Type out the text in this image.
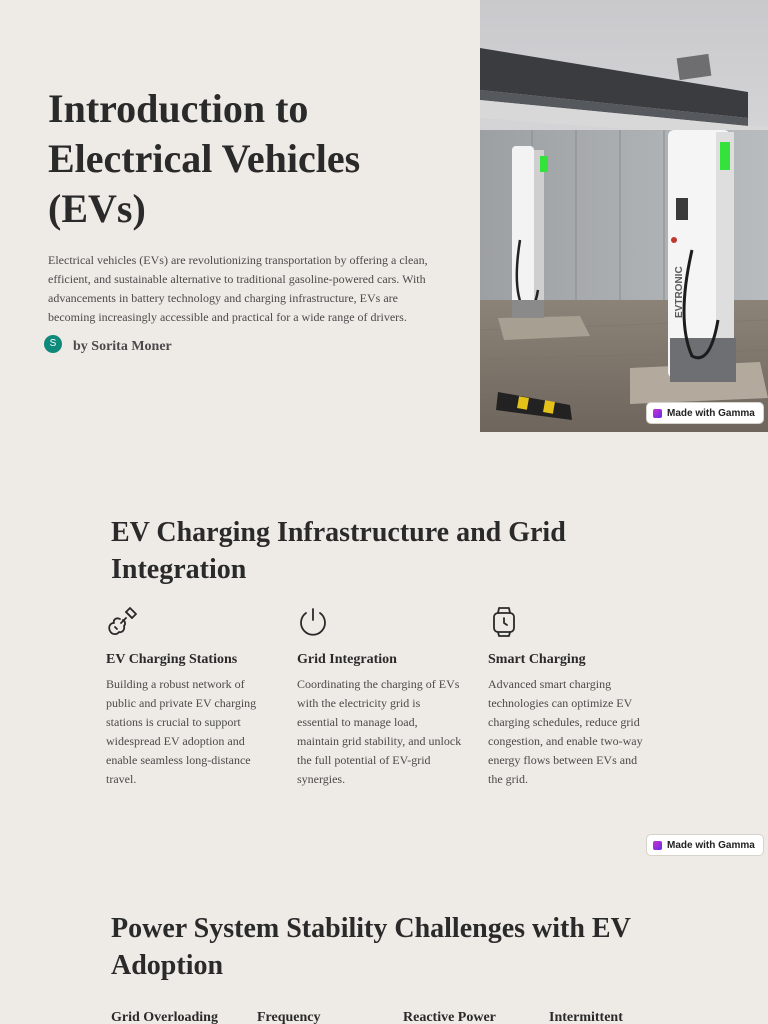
Introduction to Electrical Vehicles (EVs)

Electrical vehicles (EVs) are revolutionizing transportation by offering a clean, efficient, and sustainable alternative to traditional gasoline-powered cars. With advancements in battery technology and charging infrastructure, EVs are becoming increasingly accessible and practical for a wide range of drivers.

S	by Sorita Moner
EVTRONIC
Made with Gamma
EV Charging Infrastructure and Grid Integration
EV Charging Stations
Building a robust network of public and private EV charging stations is crucial to support widespread EV adoption and enable seamless long-distance travel.
Grid Integration
Coordinating the charging of EVs with the electricity grid is essential to manage load, maintain grid stability, and unlock the full potential of EV-grid synergies.
Smart Charging
Advanced smart charging technologies can optimize EV charging schedules, reduce grid congestion, and enable two-way energy flows between EVs and the grid.
Made with Gamma
Power System Stability Challenges with EV Adoption
Grid Overloading	Frequency	Reactive Power	Intermittent
